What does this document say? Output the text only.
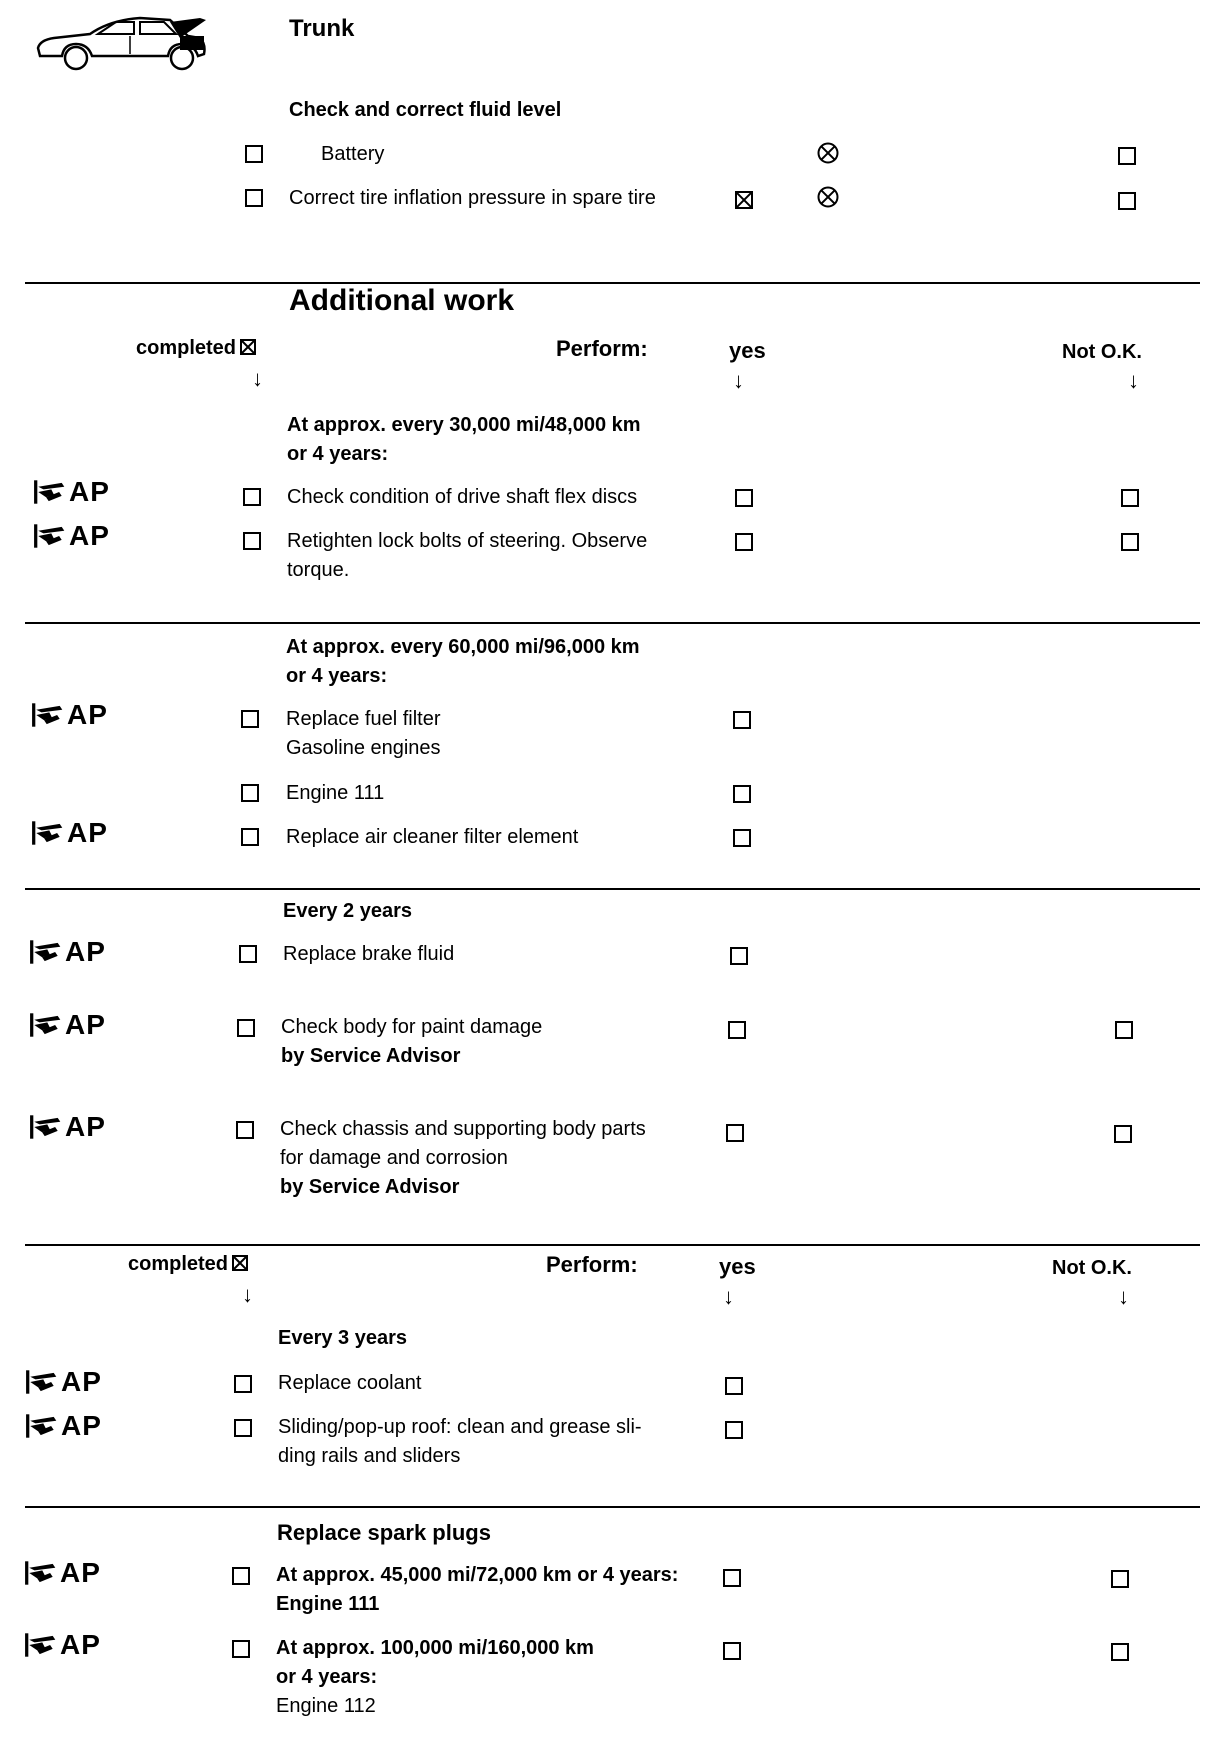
Trunk
Check and correct fluid level
Battery
Correct tire inflation pressure in spare tire
Additional work
completed
↓
Perform:	yes
↓
Not O.K.
↓
At approx. every 30,000 mi/48,000 km
or 4 years:
AP	Check condition of drive shaft flex discs
AP	Retighten lock bolts of steering. Observe
torque.
At approx. every 60,000 mi/96,000 km
or 4 years:
AP	Replace fuel filter
Gasoline engines
Engine 111
AP	Replace air cleaner filter element
Every 2 years
AP	Replace brake fluid
AP	Check body for paint damage
by Service Advisor
AP	Check chassis and supporting body parts
for damage and corrosion
by Service Advisor
completed
↓
Perform:	yes
↓
Not O.K.
↓
Every 3 years
AP	Replace coolant
AP	Sliding/pop-up roof: clean and grease sli-
ding rails and sliders
Replace spark plugs
AP	At approx. 45,000 mi/72,000 km or 4 years:
Engine 111
AP	At approx. 100,000 mi/160,000 km
or 4 years:
Engine 112
